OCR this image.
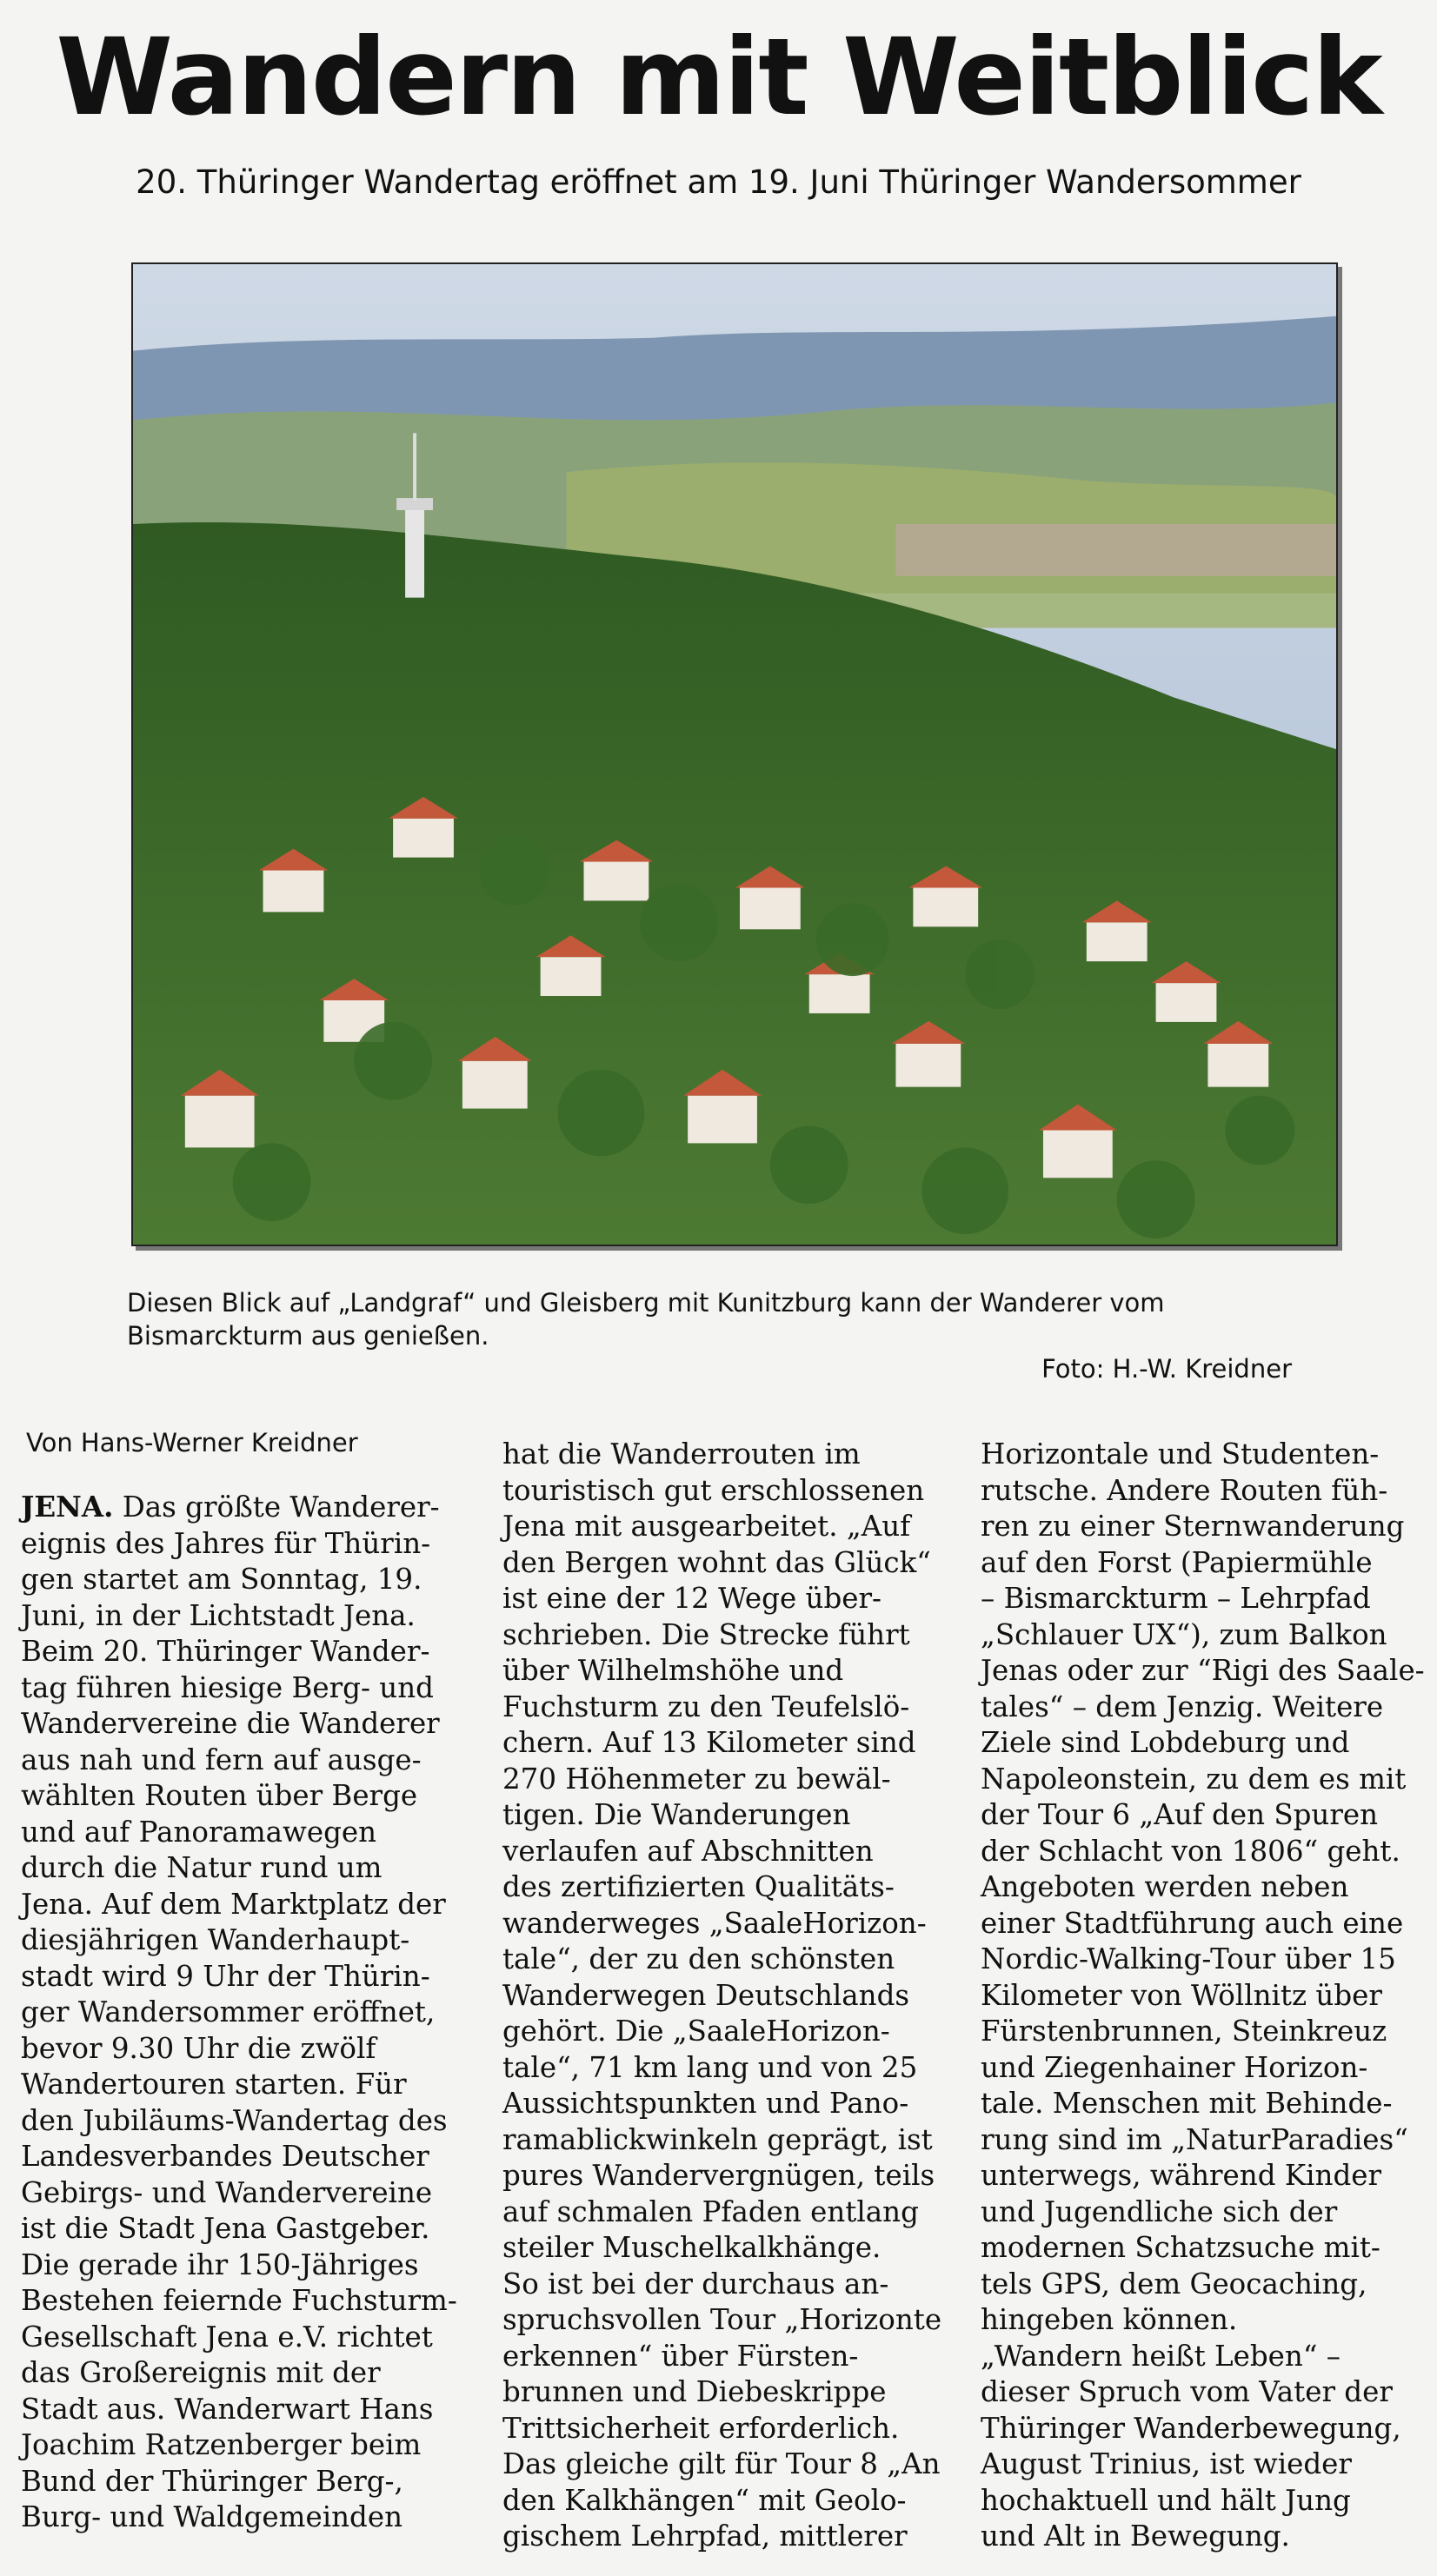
Wandern mit Weitblick

20. Thüringer Wandertag eröffnet am 19. Juni Thüringer Wandersommer

Diesen Blick auf „Landgraf“ und Gleisberg mit Kunitzburg kann der Wanderer vom Bismarckturm aus genießen.
Foto: H.-W. Kreidner
Von Hans-Werner Kreidner
JENA. Das größte Wanderer-
eignis des Jahres für Thürin-
gen startet am Sonntag, 19.
Juni, in der Lichtstadt Jena.
Beim 20. Thüringer Wander-
tag führen hiesige Berg- und
Wandervereine die Wanderer
aus nah und fern auf ausge-
wählten Routen über Berge
und auf Panoramawegen
durch die Natur rund um
Jena. Auf dem Marktplatz der
diesjährigen Wanderhaupt-
stadt wird 9 Uhr der Thürin-
ger Wandersommer eröffnet,
bevor 9.30 Uhr die zwölf
Wandertouren starten. Für
den Jubiläums-Wandertag des
Landesverbandes Deutscher
Gebirgs- und Wandervereine
ist die Stadt Jena Gastgeber.
Die gerade ihr 150-Jähriges
Bestehen feiernde Fuchsturm-
Gesellschaft Jena e.V. richtet
das Großereignis mit der
Stadt aus. Wanderwart Hans
Joachim Ratzenberger beim
Bund der Thüringer Berg-,
Burg- und Waldgemeinden
hat die Wanderrouten im
touristisch gut erschlossenen
Jena mit ausgearbeitet. „Auf
den Bergen wohnt das Glück“
ist eine der 12 Wege über-
schrieben. Die Strecke führt
über Wilhelmshöhe und
Fuchsturm zu den Teufelslö-
chern. Auf 13 Kilometer sind
270 Höhenmeter zu bewäl-
tigen. Die Wanderungen
verlaufen auf Abschnitten
des zertifizierten Qualitäts-
wanderweges „SaaleHorizon-
tale“, der zu den schönsten
Wanderwegen Deutschlands
gehört. Die „SaaleHorizon-
tale“, 71 km lang und von 25
Aussichtspunkten und Pano-
ramablickwinkeln geprägt, ist
pures Wandervergnügen, teils
auf schmalen Pfaden entlang
steiler Muschelkalkhänge.
So ist bei der durchaus an-
spruchsvollen Tour „Horizonte
erkennen“ über Fürsten-
brunnen und Diebeskrippe
Trittsicherheit erforderlich.
Das gleiche gilt für Tour 8 „An
den Kalkhängen“ mit Geolo-
gischem Lehrpfad, mittlerer
Horizontale und Studenten-
rutsche. Andere Routen füh-
ren zu einer Sternwanderung
auf den Forst (Papiermühle
– Bismarckturm – Lehrpfad
„Schlauer UX“), zum Balkon
Jenas oder zur “Rigi des Saale-
tales“ – dem Jenzig. Weitere
Ziele sind Lobdeburg und
Napoleonstein, zu dem es mit
der Tour 6 „Auf den Spuren
der Schlacht von 1806“ geht.
Angeboten werden neben
einer Stadtführung auch eine
Nordic-Walking-Tour über 15
Kilometer von Wöllnitz über
Fürstenbrunnen, Steinkreuz
und Ziegenhainer Horizon-
tale. Menschen mit Behinde-
rung sind im „NaturParadies“
unterwegs, während Kinder
und Jugendliche sich der
modernen Schatzsuche mit-
tels GPS, dem Geocaching,
hingeben können.
„Wandern heißt Leben“ –
dieser Spruch vom Vater der
Thüringer Wanderbewegung,
August Trinius, ist wieder
hochaktuell und hält Jung
und Alt in Bewegung.
